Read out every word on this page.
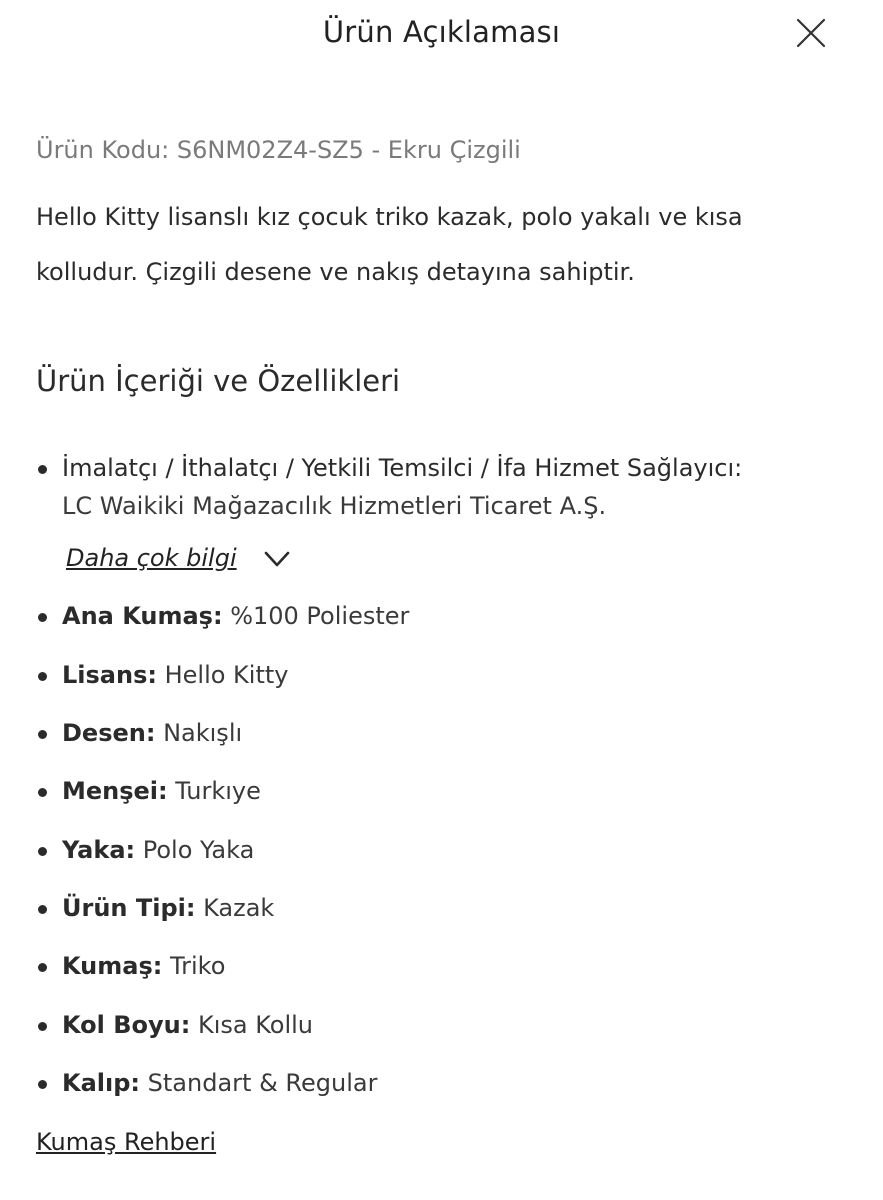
Ürün Açıklaması
Ürün Kodu: S6NM02Z4-SZ5 - Ekru Çizgili
Hello Kitty lisanslı kız çocuk triko kazak, polo yakalı ve kısa kolludur. Çizgili desene ve nakış detayına sahiptir.
Ürün İçeriği ve Özellikleri
İmalatçı / İthalatçı / Yetkili Temsilci / İfa Hizmet Sağlayıcı:
LC Waikiki Mağazacılık Hizmetleri Ticaret A.Ş.
Ana Kumaş: %100 Poliester
Lisans: Hello Kitty
Desen: Nakışlı
Menşei: Turkıye
Yaka: Polo Yaka
Ürün Tipi: Kazak
Kumaş: Triko
Kol Boyu: Kısa Kollu
Kalıp: Standart & Regular
Daha çok bilgi
Kumaş Rehberi
